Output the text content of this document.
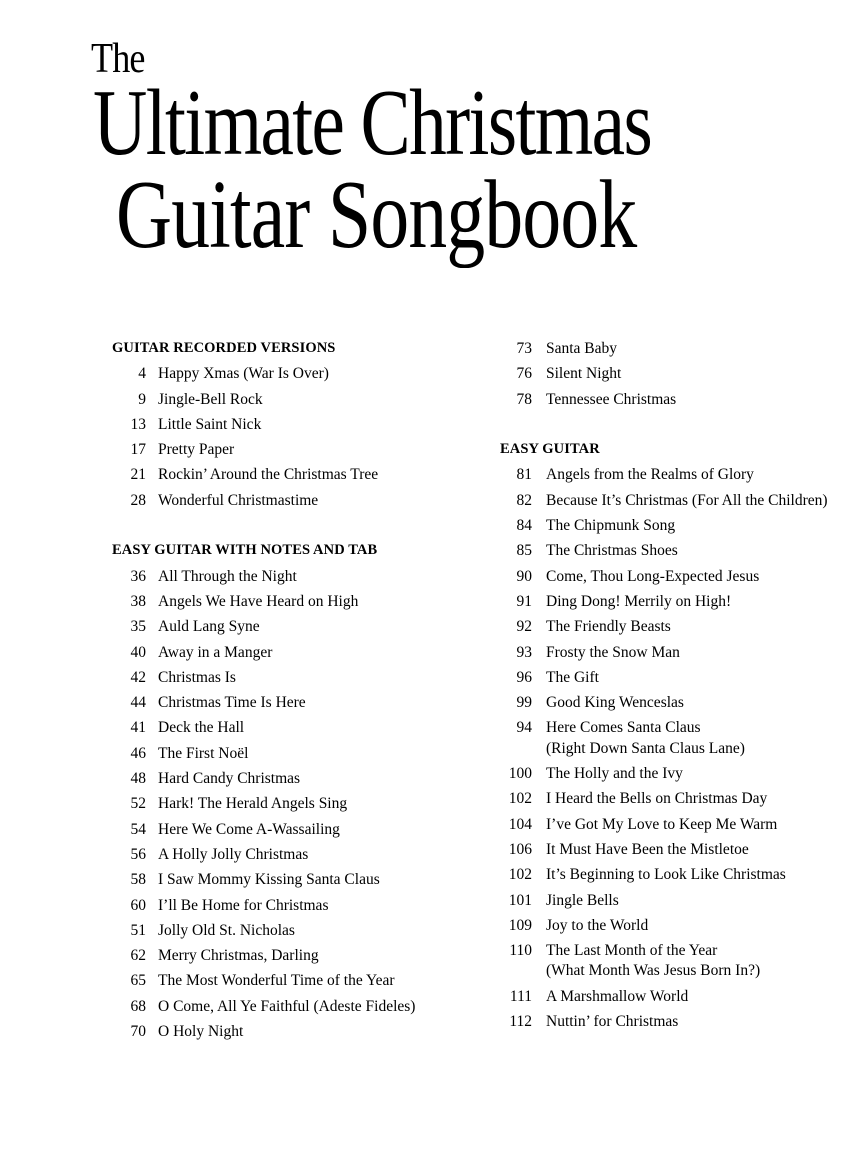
The
Ultimate Christmas
Guitar Songbook
GUITAR RECORDED VERSIONS
4 Happy Xmas (War Is Over)
9 Jingle-Bell Rock
13 Little Saint Nick
17 Pretty Paper
21 Rockin’ Around the Christmas Tree
28 Wonderful Christmastime
EASY GUITAR WITH NOTES AND TAB
36 All Through the Night
38 Angels We Have Heard on High
35 Auld Lang Syne
40 Away in a Manger
42 Christmas Is
44 Christmas Time Is Here
41 Deck the Hall
46 The First Noël
48 Hard Candy Christmas
52 Hark! The Herald Angels Sing
54 Here We Come A-Wassailing
56 A Holly Jolly Christmas
58 I Saw Mommy Kissing Santa Claus
60 I’ll Be Home for Christmas
51 Jolly Old St. Nicholas
62 Merry Christmas, Darling
65 The Most Wonderful Time of the Year
68 O Come, All Ye Faithful (Adeste Fideles)
70 O Holy Night
73 Santa Baby
76 Silent Night
78 Tennessee Christmas
EASY GUITAR
81 Angels from the Realms of Glory
82 Because It’s Christmas (For All the Children)
84 The Chipmunk Song
85 The Christmas Shoes
90 Come, Thou Long-Expected Jesus
91 Ding Dong! Merrily on High!
92 The Friendly Beasts
93 Frosty the Snow Man
96 The Gift
99 Good King Wenceslas
94 Here Comes Santa Claus
(Right Down Santa Claus Lane)
100 The Holly and the Ivy
102 I Heard the Bells on Christmas Day
104 I’ve Got My Love to Keep Me Warm
106 It Must Have Been the Mistletoe
102 It’s Beginning to Look Like Christmas
101 Jingle Bells
109 Joy to the World
110 The Last Month of the Year
(What Month Was Jesus Born In?)
111 A Marshmallow World
112 Nuttin’ for Christmas
